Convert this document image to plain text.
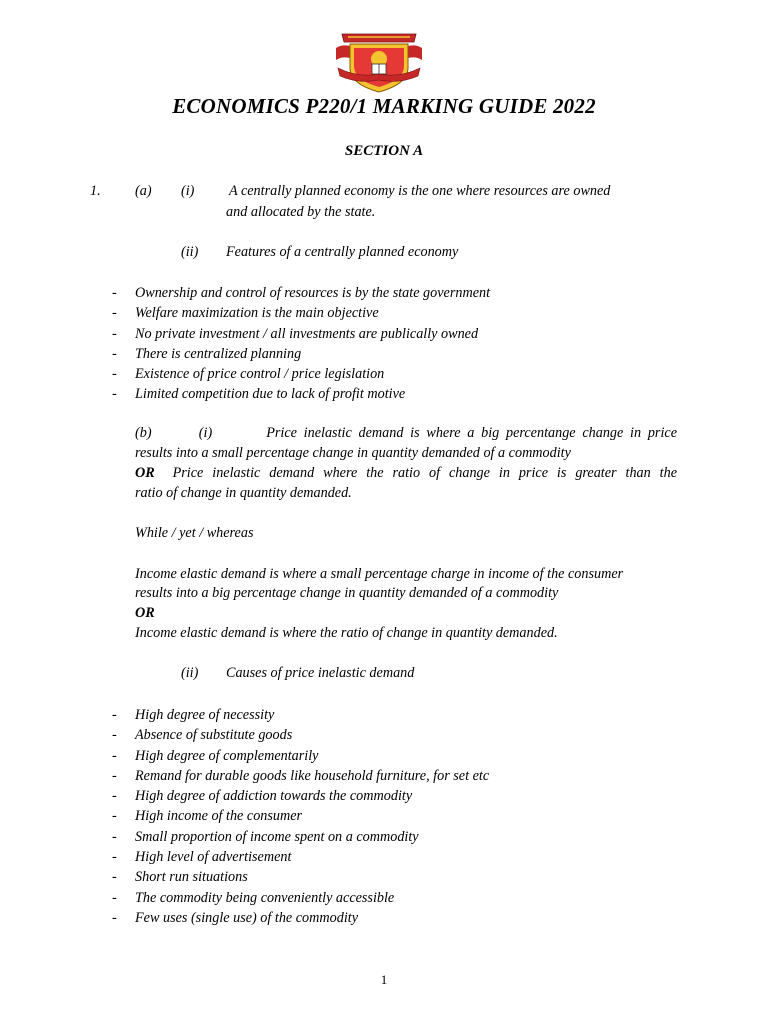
ECONOMICS P220/1 MARKING GUIDE 2022
SECTION A
1. (a) (i) A centrally planned economy is the one where resources are owned
and allocated by the state.
(ii) Features of a centrally planned economy
- Ownership and control of resources is by the state government
- Welfare maximization is the main objective
- No private investment / all investments are publically owned
- There is centralized planning
- Existence of price control / price legislation
- Limited competition due to lack of profit motive
(b)	(i)	Price inelastic demand is where a big percentange change in price
results into a small percentage change in quantity demanded of a commodity
OR Price inelastic demand where the ratio of change in price is greater than the
ratio of change in quantity demanded.
While / yet / whereas
Income elastic demand is where a small percentage charge in income of the consumer
results into a big percentage change in quantity demanded of a commodity
OR
Income elastic demand is where the ratio of change in quantity demanded.
(ii) Causes of price inelastic demand
- High degree of necessity
- Absence of substitute goods
- High degree of complementarily
- Remand for durable goods like household furniture, for set etc
- High degree of addiction towards the commodity
- High income of the consumer
- Small proportion of income spent on a commodity
- High level of advertisement
- Short run situations
- The commodity being conveniently accessible
- Few uses (single use) of the commodity
1
